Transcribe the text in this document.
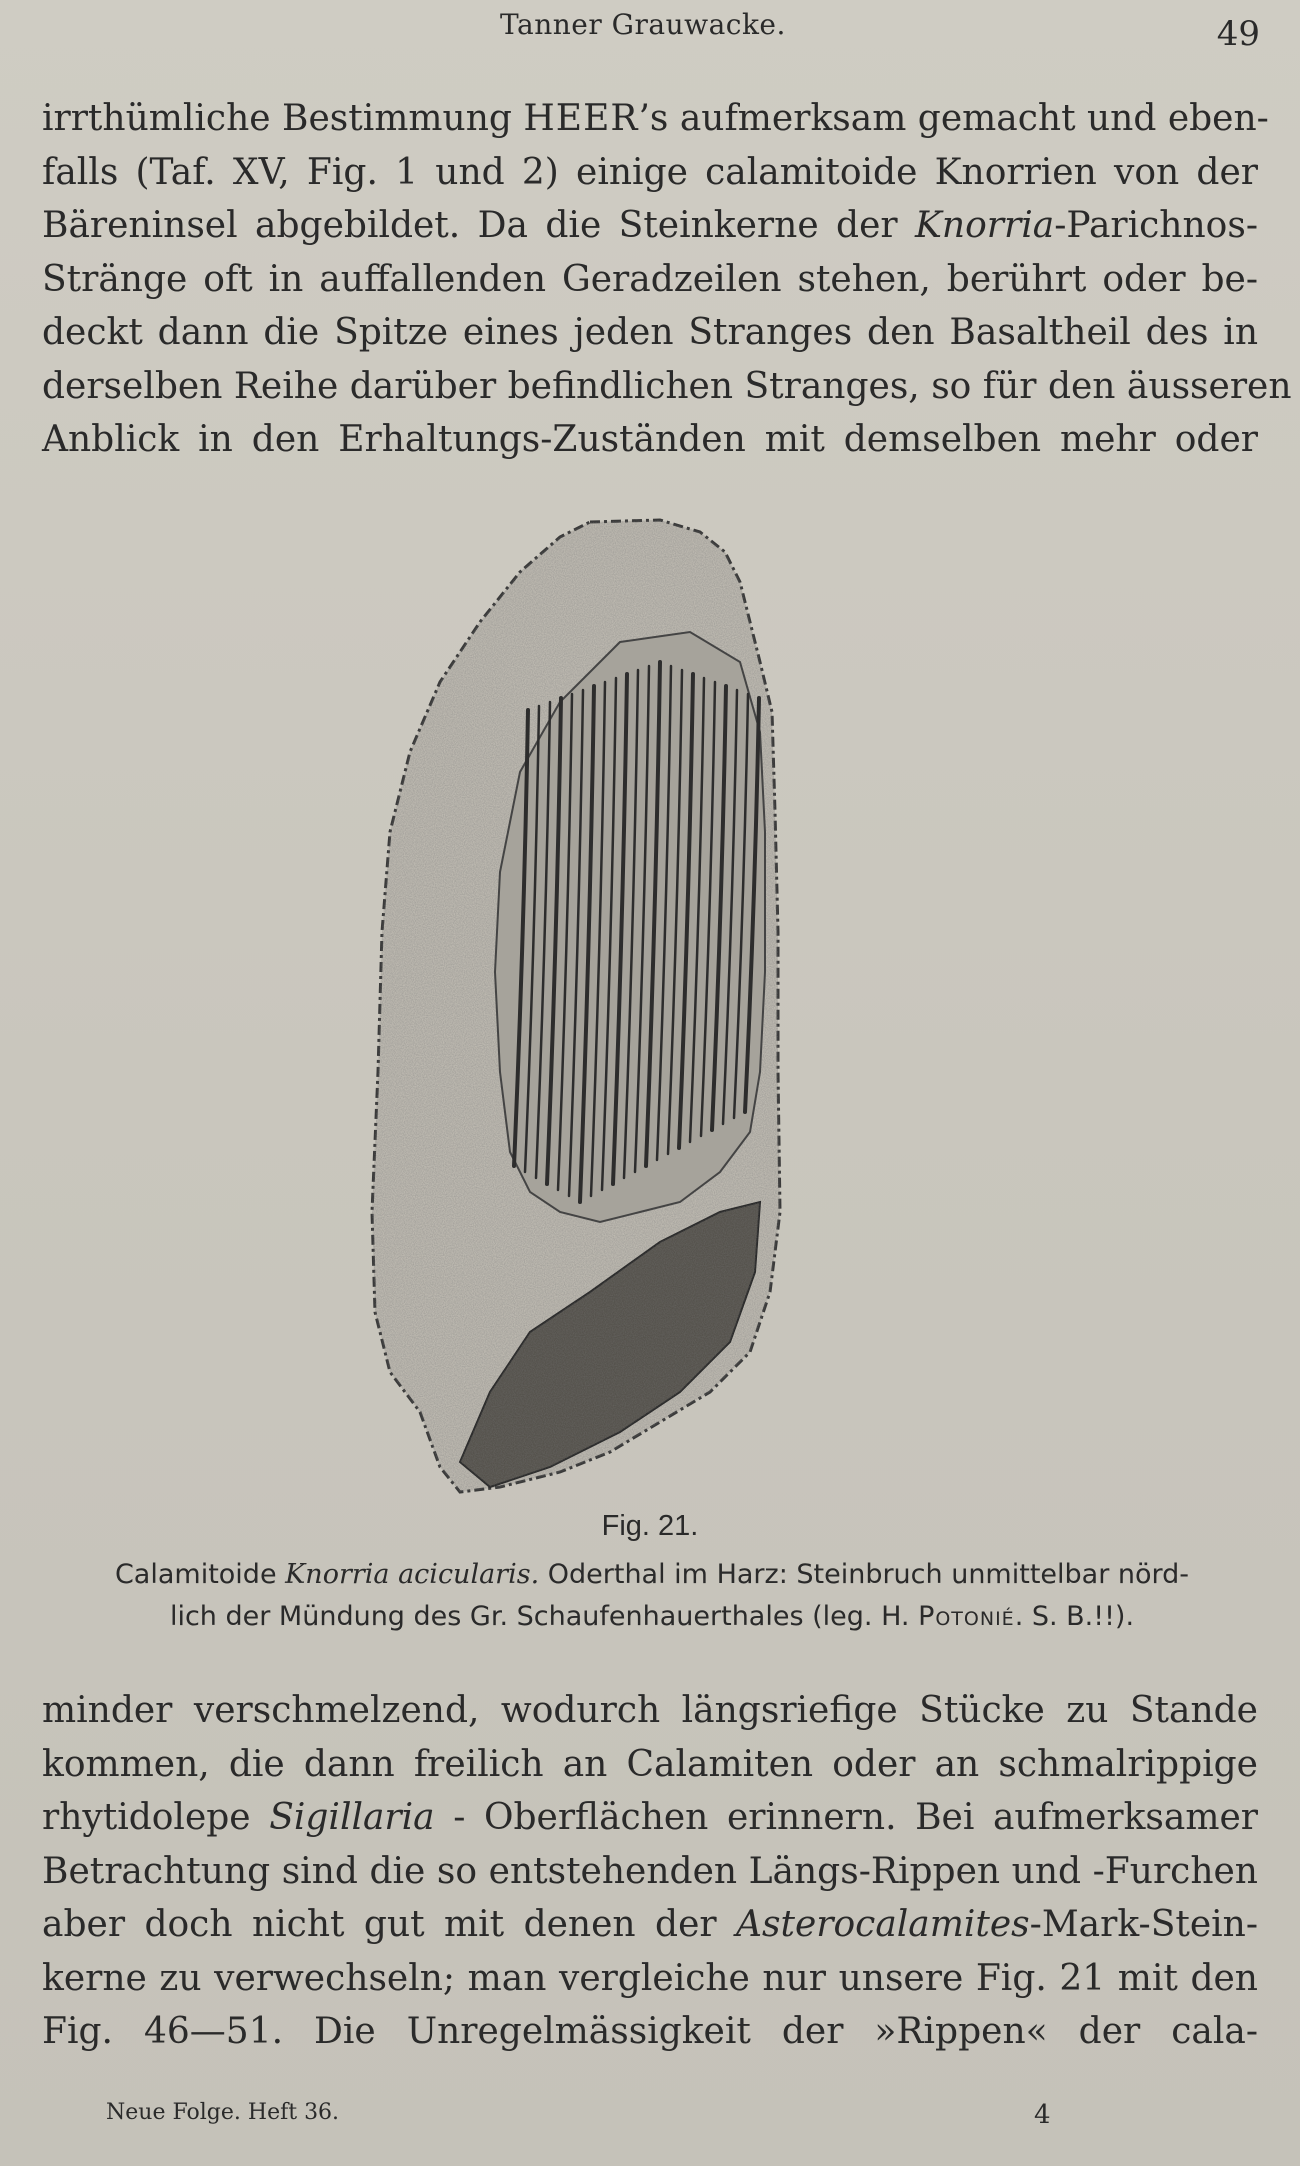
Tanner Grauwacke.	49
irrthümliche Bestimmung HEER’s aufmerksam gemacht und eben-
falls (Taf. XV, Fig. 1 und 2) einige calamitoide Knorrien von der
Bäreninsel abgebildet. Da die Steinkerne der Knorria-Parichnos-
Stränge oft in auffallenden Geradzeilen stehen, berührt oder be-
deckt dann die Spitze eines jeden Stranges den Basaltheil des in
derselben Reihe darüber befindlichen Stranges, so für den äusseren
Anblick in den Erhaltungs-Zuständen mit demselben mehr oder
Fig. 21.
Calamitoide Knorria acicularis. Oderthal im Harz: Steinbruch unmittelbar nörd-
lich der Mündung des Gr. Schaufenhauerthales (leg. H. Potonié. S. B.!!).
minder verschmelzend, wodurch längsriefige Stücke zu Stande
kommen, die dann freilich an Calamiten oder an schmalrippige
rhytidolepe Sigillaria - Oberflächen erinnern. Bei aufmerksamer
Betrachtung sind die so entstehenden Längs-Rippen und -Furchen
aber doch nicht gut mit denen der Asterocalamites-Mark-Stein-
kerne zu verwechseln; man vergleiche nur unsere Fig. 21 mit den
Fig. 46—51. Die Unregelmässigkeit der »Rippen« der cala-
Neue Folge. Heft 36.	4
